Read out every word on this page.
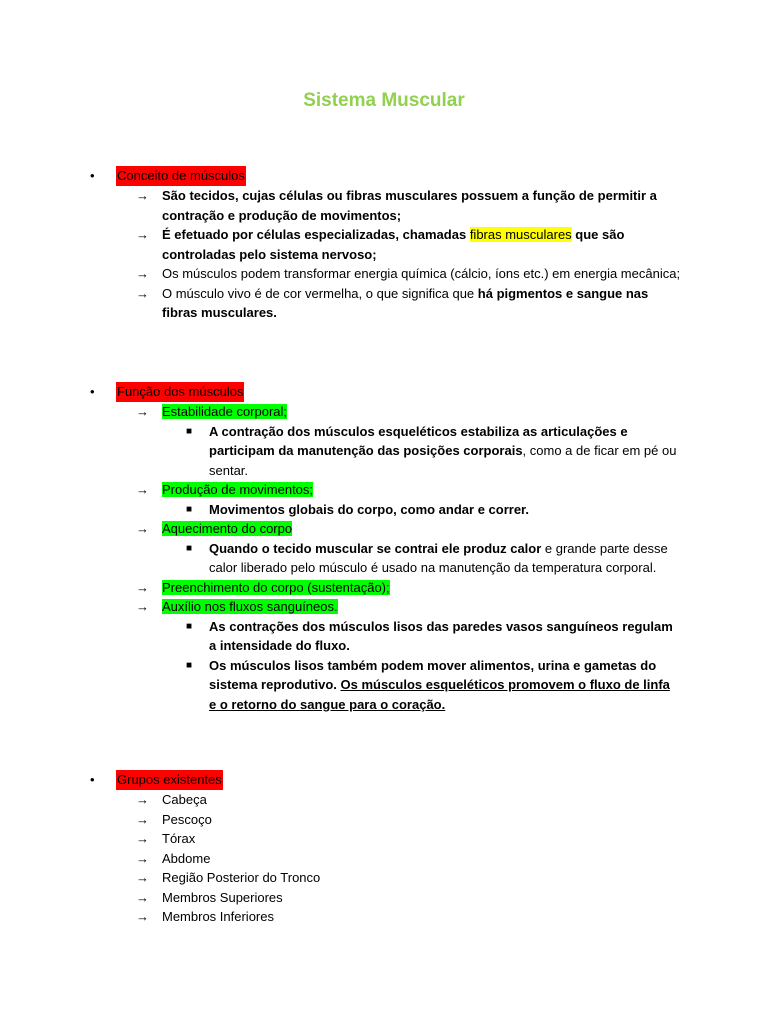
Sistema Muscular
•	Conceito de músculos
→ São tecidos, cujas células ou fibras musculares possuem a função de permitir a contração e produção de movimentos;
→ É efetuado por células especializadas, chamadas fibras musculares que são controladas pelo sistema nervoso;
→ Os músculos podem transformar energia química (cálcio, íons etc.) em energia mecânica;
→ O músculo vivo é de cor vermelha, o que significa que há pigmentos e sangue nas fibras musculares.
•	Função dos músculos
→ Estabilidade corporal;
■ A contração dos músculos esqueléticos estabiliza as articulações e participam da manutenção das posições corporais, como a de ficar em pé ou sentar.
→ Produção de movimentos;
■ Movimentos globais do corpo, como andar e correr.
→ Aquecimento do corpo
■ Quando o tecido muscular se contrai ele produz calor e grande parte desse calor liberado pelo músculo é usado na manutenção da temperatura corporal.
→ Preenchimento do corpo (sustentação);
→ Auxílio nos fluxos sanguíneos.
■ As contrações dos músculos lisos das paredes vasos sanguíneos regulam a intensidade do fluxo.
■ Os músculos lisos também podem mover alimentos, urina e gametas do sistema reprodutivo. Os músculos esqueléticos promovem o fluxo de linfa e o retorno do sangue para o coração.
•	Grupos existentes
→ Cabeça
→ Pescoço
→ Tórax
→ Abdome
→ Região Posterior do Tronco
→ Membros Superiores
→ Membros Inferiores
